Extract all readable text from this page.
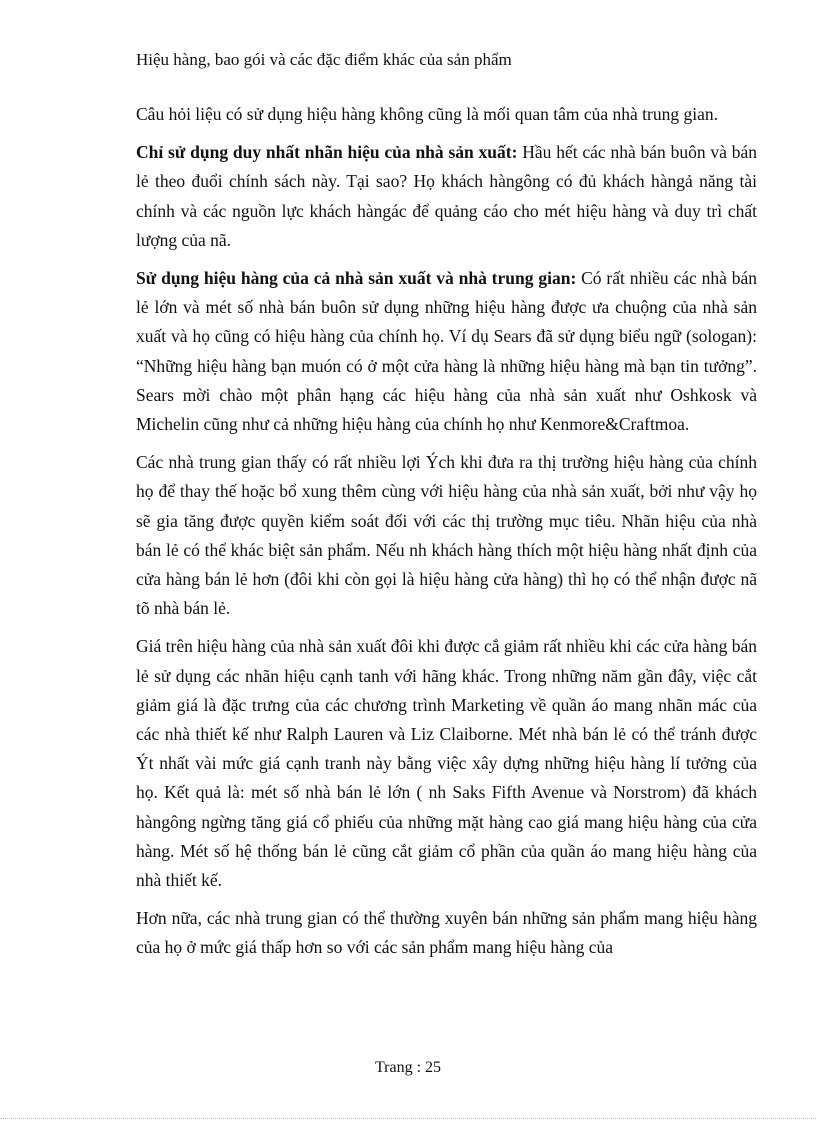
Hiệu hàng, bao gói và các đặc điểm khác của sản phẩm

Câu hỏi liệu có sử dụng hiệu hàng không cũng là mối quan tâm của nhà trung gian.

Chỉ sử dụng duy nhất nhãn hiệu của nhà sản xuất: Hầu hết các nhà bán buôn và bán lẻ theo đuổi chính sách này. Tại sao? Họ khách hàngông có đủ khách hàngả năng tài chính và các nguồn lực khách hàngác để quảng cáo cho mét hiệu hàng và duy trì chất lượng của nã.

Sử dụng hiệu hàng của cả nhà sản xuất và nhà trung gian: Có rất nhiều các nhà bán lẻ lớn và mét số nhà bán buôn sử dụng những hiệu hàng được ưa chuộng của nhà sản xuất và họ cũng có hiệu hàng của chính họ. Ví dụ Sears đã sử dụng biểu ngữ (sologan): “Những hiệu hàng bạn muón có ở một cửa hàng là những hiệu hàng mà bạn tin tưởng”. Sears mời chào một phân hạng các hiệu hàng của nhà sản xuất như Oshkosk và Michelin cũng như cả những hiệu hàng của chính họ như Kenmore&Craftmoa.

Các nhà trung gian thấy có rất nhiều lợi Ých khi đưa ra thị trường hiệu hàng của chính họ để thay thế hoặc bổ xung thêm cùng với hiệu hàng của nhà sản xuất, bởi như vậy họ sẽ gia tăng được quyền kiểm soát đối với các thị trường mục tiêu. Nhãn hiệu của nhà bán lẻ có thể khác biệt sản phẩm. Nếu nh khách hàng thích một hiệu hàng nhất định của cửa hàng bán lẻ hơn (đôi khi còn gọi là hiệu hàng cửa hàng) thì họ có thể nhận được nã tõ nhà bán lẻ.

Giá trên hiệu hàng của nhà sản xuất đôi khi được cắ giảm rất nhiều khi các cửa hàng bán lẻ sử dụng các nhãn hiệu cạnh tanh với hãng khác. Trong những năm gần đây, việc cắt giảm giá là đặc trưng của các chương trình Marketing về quần áo mang nhãn mác của các nhà thiết kế như Ralph Lauren và Liz Claiborne. Mét nhà bán lẻ có thể tránh được Ýt nhất vài mức giá cạnh tranh này bằng việc xây dựng những hiệu hàng lí tưởng của họ. Kết quả là: mét số nhà bán lẻ lớn ( nh Saks Fifth Avenue và Norstrom) đã khách hàngông ngừng tăng giá cổ phiếu của những mặt hàng cao giá mang hiệu hàng của cửa hàng. Mét số hệ thống bán lẻ cũng cắt giảm cổ phần của quần áo mang hiệu hàng của nhà thiết kế.

Hơn nữa, các nhà trung gian có thể thường xuyên bán những sản phẩm mang hiệu hàng của họ ở mức giá thấp hơn so với các sản phẩm mang hiệu hàng của

Trang : 25
